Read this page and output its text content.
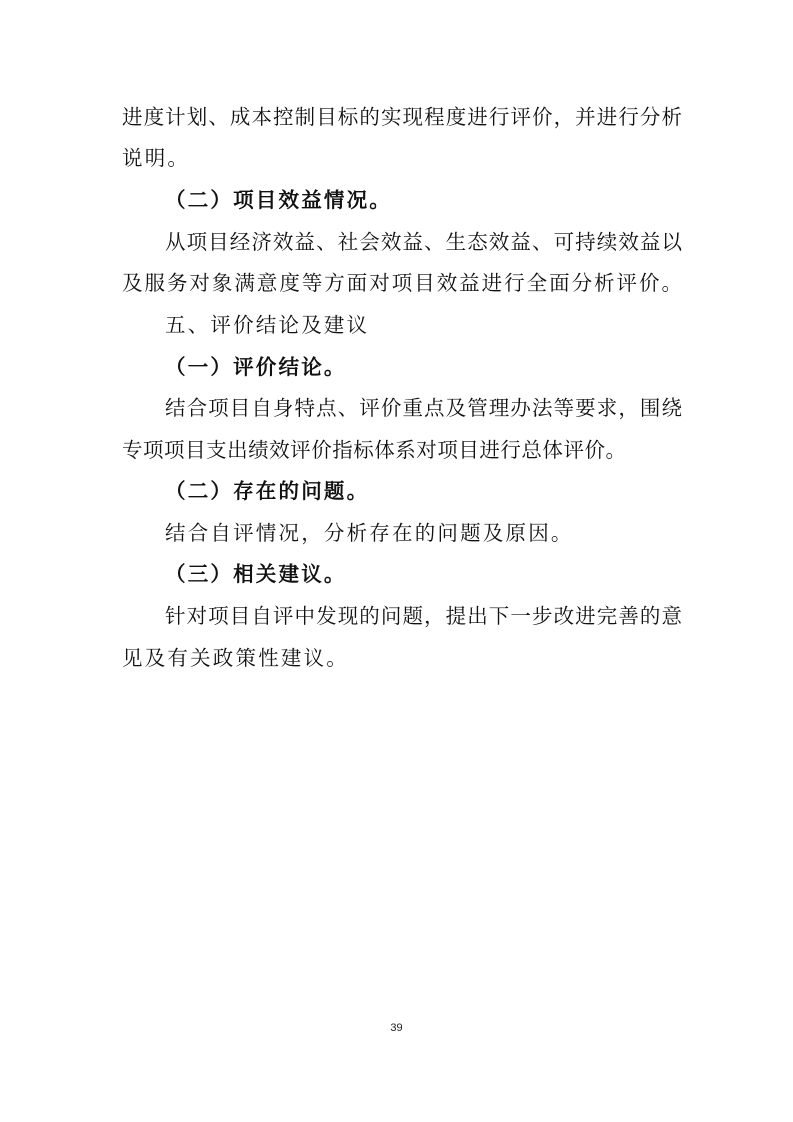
进度计划、成本控制目标的实现程度进行评价，并进行分析
说明。
（二）项目效益情况。
从项目经济效益、社会效益、生态效益、可持续效益以
及服务对象满意度等方面对项目效益进行全面分析评价。
五、评价结论及建议
（一）评价结论。
结合项目自身特点、评价重点及管理办法等要求，围绕
专项项目支出绩效评价指标体系对项目进行总体评价。
（二）存在的问题。
结合自评情况，分析存在的问题及原因。
（三）相关建议。
针对项目自评中发现的问题，提出下一步改进完善的意
见及有关政策性建议。
39
